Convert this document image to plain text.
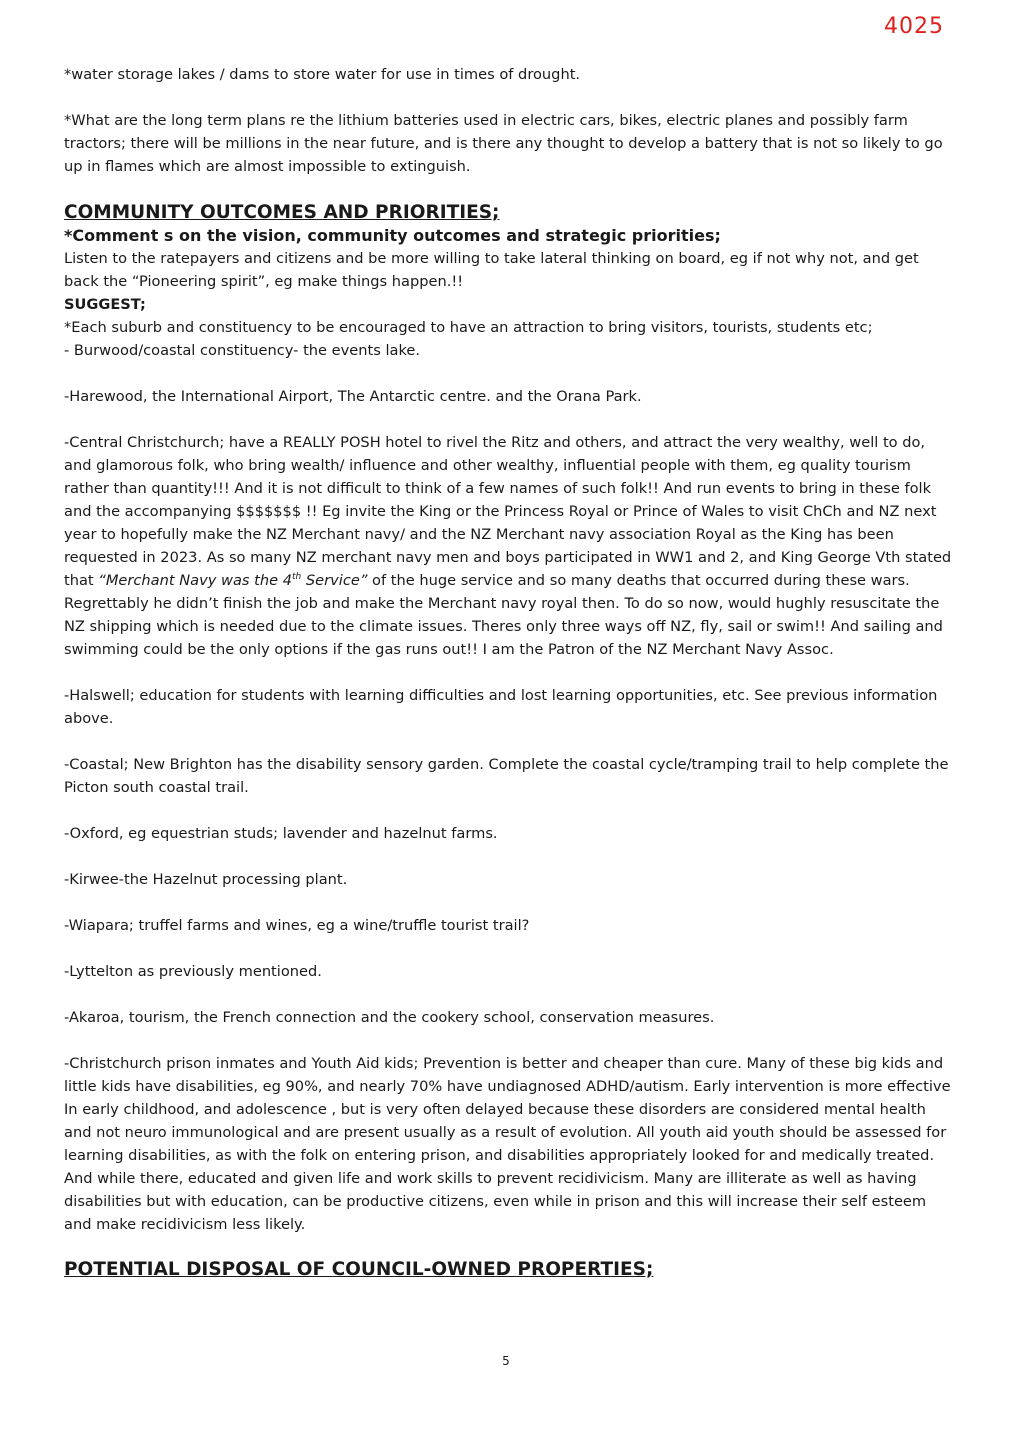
4025

*water storage lakes / dams to store water for use in times of drought.

*What are the long term plans re the lithium batteries used in electric cars, bikes, electric planes and possibly farm tractors; there will be millions in the near future, and is there any thought to develop a battery that is not so likely to go up in flames which are almost impossible to extinguish.

COMMUNITY OUTCOMES AND PRIORITIES;

*Comment s on the vision, community outcomes and strategic priorities;

Listen to the ratepayers and citizens and be more willing to take lateral thinking on board, eg if not why not, and get back the “Pioneering spirit”, eg make things happen.!!

SUGGEST;

*Each suburb and constituency to be encouraged to have an attraction to bring visitors, tourists, students etc;

- Burwood/coastal constituency- the events lake.

-Harewood, the International Airport, The Antarctic centre. and the Orana Park.

-Central Christchurch; have a REALLY POSH hotel to rivel the Ritz and others, and attract the very wealthy, well to do, and glamorous folk, who bring wealth/ influence and other wealthy, influential people with them, eg quality tourism rather than quantity!!! And it is not difficult to think of a few names of such folk!! And run events to bring in these folk and the accompanying $$$$$$$ !! Eg invite the King or the Princess Royal or Prince of Wales to visit ChCh and NZ next year to hopefully make the NZ Merchant navy/ and the NZ Merchant navy association Royal as the King has been requested in 2023. As so many NZ merchant navy men and boys participated in WW1 and 2, and King George Vth stated that “Merchant Navy was the 4th Service” of the huge service and so many deaths that occurred during these wars. Regrettably he didn’t finish the job and make the Merchant navy royal then. To do so now, would hughly resuscitate the NZ shipping which is needed due to the climate issues. Theres only three ways off NZ, fly, sail or swim!! And sailing and swimming could be the only options if the gas runs out!! I am the Patron of the NZ Merchant Navy Assoc.

-Halswell; education for students with learning difficulties and lost learning opportunities, etc. See previous information above.

-Coastal; New Brighton has the disability sensory garden. Complete the coastal cycle/tramping trail to help complete the Picton south coastal trail.

-Oxford, eg equestrian studs; lavender and hazelnut farms.

-Kirwee-the Hazelnut processing plant.

-Wiapara; truffel farms and wines, eg a wine/truffle tourist trail?

-Lyttelton as previously mentioned.

-Akaroa, tourism, the French connection and the cookery school, conservation measures.

-Christchurch prison inmates and Youth Aid kids; Prevention is better and cheaper than cure. Many of these big kids and little kids have disabilities, eg 90%, and nearly 70% have undiagnosed ADHD/autism. Early intervention is more effective In early childhood, and adolescence , but is very often delayed because these disorders are considered mental health and not neuro immunological and are present usually as a result of evolution. All youth aid youth should be assessed for learning disabilities, as with the folk on entering prison, and disabilities appropriately looked for and medically treated. And while there, educated and given life and work skills to prevent recidivicism. Many are illiterate as well as having disabilities but with education, can be productive citizens, even while in prison and this will increase their self esteem and make recidivicism less likely.

POTENTIAL DISPOSAL OF COUNCIL-OWNED PROPERTIES;
5
